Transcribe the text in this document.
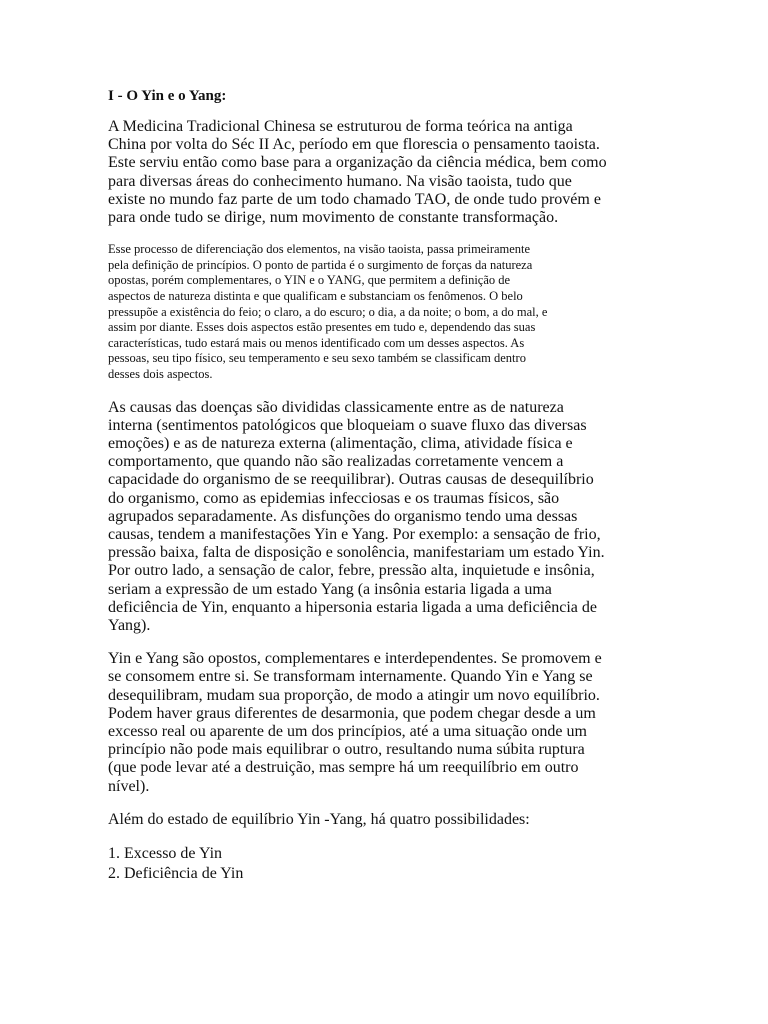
I - O Yin e o Yang:
A Medicina Tradicional Chinesa se estruturou de forma teórica na antiga
China por volta do Séc II Ac, período em que florescia o pensamento taoista.
Este serviu então como base para a organização da ciência médica, bem como
para diversas áreas do conhecimento humano. Na visão taoista, tudo que
existe no mundo faz parte de um todo chamado TAO, de onde tudo provém e
para onde tudo se dirige, num movimento de constante transformação.
Esse processo de diferenciação dos elementos, na visão taoista, passa primeiramente
pela definição de princípios. O ponto de partida é o surgimento de forças da natureza
opostas, porém complementares, o YIN e o YANG, que permitem a definição de
aspectos de natureza distinta e que qualificam e substanciam os fenômenos. O belo
pressupõe a existência do feio; o claro, a do escuro; o dia, a da noite; o bom, a do mal, e
assim por diante. Esses dois aspectos estão presentes em tudo e, dependendo das suas
características, tudo estará mais ou menos identificado com um desses aspectos. As
pessoas, seu tipo físico, seu temperamento e seu sexo também se classificam dentro
desses dois aspectos.
As causas das doenças são divididas classicamente entre as de natureza
interna (sentimentos patológicos que bloqueiam o suave fluxo das diversas
emoções) e as de natureza externa (alimentação, clima, atividade física e
comportamento, que quando não são realizadas corretamente vencem a
capacidade do organismo de se reequilibrar). Outras causas de desequilíbrio
do organismo, como as epidemias infecciosas e os traumas físicos, são
agrupados separadamente. As disfunções do organismo tendo uma dessas
causas, tendem a manifestações Yin e Yang. Por exemplo: a sensação de frio,
pressão baixa, falta de disposição e sonolência, manifestariam um estado Yin.
Por outro lado, a sensação de calor, febre, pressão alta, inquietude e insônia,
seriam a expressão de um estado Yang (a insônia estaria ligada a uma
deficiência de Yin, enquanto a hipersonia estaria ligada a uma deficiência de
Yang).
Yin e Yang são opostos, complementares e interdependentes. Se promovem e
se consomem entre si. Se transformam internamente. Quando Yin e Yang se
desequilibram, mudam sua proporção, de modo a atingir um novo equilíbrio.
Podem haver graus diferentes de desarmonia, que podem chegar desde a um
excesso real ou aparente de um dos princípios, até a uma situação onde um
princípio não pode mais equilibrar o outro, resultando numa súbita ruptura
(que pode levar até a destruição, mas sempre há um reequilíbrio em outro
nível).
Além do estado de equilíbrio Yin -Yang, há quatro possibilidades:
1. Excesso de Yin
2. Deficiência de Yin
